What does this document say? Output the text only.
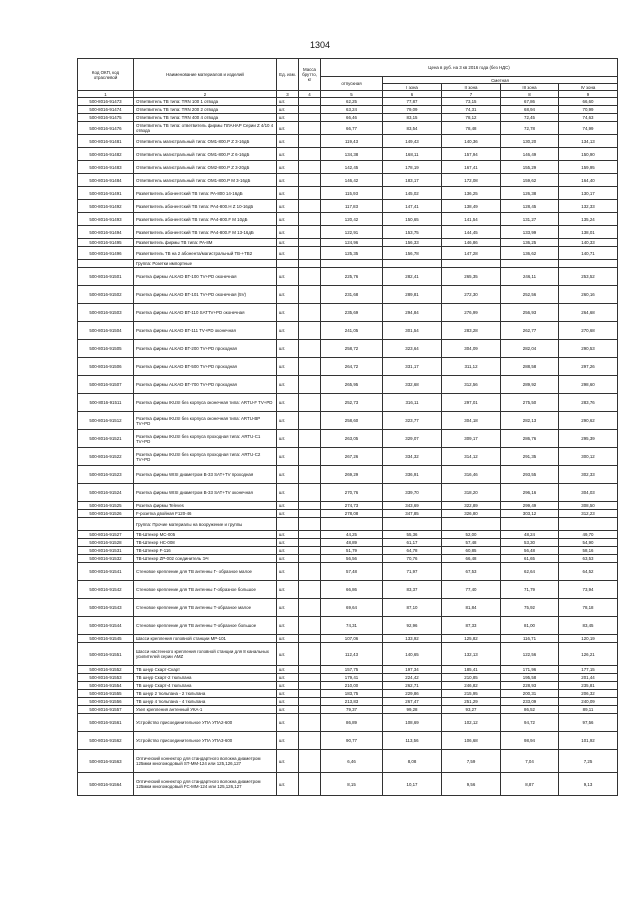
1304
Код ОКП, код отраслевой	Наименование материалов и изделий	Ед. изм.	Масса брутто, кг	Цена в руб. на 3 кв 2016 года (без НДС)				
				отпускная	Сметная			
					I зона	II зона	III зона	IV зона
1	2	3	4	5	6	7	8	9
500-8016-91473	Ответвитель ТВ типа: TRN 100 1 отвода	шт.		62,25	77,87	73,15	67,86	66,60
500-8016-91474	Ответвитель ТВ типа: TRN 200 2 отвода	шт.		63,24	79,09	74,31	68,94	70,99
500-8016-91475	Ответвитель ТВ типа: TRN 400 4 отвода	шт.		66,46	83,15	78,12	72,45	74,63
500-8016-91476	Ответвитель ТВ типа: ответвитель фирмы ПЛАНАР Серии Z 4/10 4 отвода	шт.		66,77	83,54	78,48	72,78	74,99
500-8016-91481	Ответвитель магистральный типа: ОМ1-800.Р Z 3-16дБ	шт.		119,43	149,43	140,36	130,20	134,13
500-8016-91482	Ответвитель магистральный типа: ОМ1-800.Р Z 6-16дБ	шт.		134,38	168,11	157,94	146,49	150,90
500-8016-91483	Ответвитель магистральный типа: ОМ2-800.Р Z 3-20дБ	шт.		142,45	178,19	167,41	155,29	159,95
500-8016-91484	Ответвитель магистральный типа: ОМ1-800.Р М 3-16дБ	шт.		146,42	183,17	172,08	159,62	164,40
500-8016-91491	Разветвитель абонентский ТВ типа: РА-800 14-16дБ	шт.		115,93	145,02	136,25	126,38	130,17
500-8016-91492	Разветвитель абонентский ТВ типа: РА4-800.Н Z 10-16дБ	шт.		117,83	147,41	138,49	128,45	132,33
500-8016-91493	Разветвитель абонентский ТВ типа: РА4-800.F М 10дБ	шт.		120,42	150,65	141,54	131,27	135,24
500-8016-91494	Разветвитель абонентский ТВ типа: РА4-800.F М 13-16дБ	шт.		122,91	153,75	144,45	133,99	138,01
500-8016-91495	Разветвитель фирмы ТВ типа: РА-8М	шт.		124,96	156,33	146,86	136,25	140,33
500-8016-91496	Разветвитель ТВ на 2 абонента/магистральный ТВ-+ТВ2	шт.		125,35	156,78	147,28	136,62	140,71
	Группа: Розетки импортные							
500-8016-91501	Розетка фирмы ALKAD BT-100 TV+PD оконечная	шт.		225,76	282,41	265,35	246,11	253,52
500-8016-91502	Розетка фирмы ALKAD BT-101 TV+PD оконечная (5V)	шт.		231,68	289,81	272,30	252,56	260,16
500-8016-91503	Розетка фирмы ALKAD BT-110 SATTV+PD оконечная	шт.		235,69	294,84	276,99	256,93	264,68
500-8016-91504	Розетка фирмы ALKAD BT-111 TV+PD оконечная	шт.		241,05	301,54	283,28	262,77	270,68
500-8016-91505	Розетка фирмы ALKAD BT-200 TV+PD проходная	шт.		258,72	323,64	304,09	282,04	290,53
500-8016-91506	Розетка фирмы ALKAD BT-500 TV+PD проходная	шт.		264,72	331,17	311,12	288,58	297,26
500-8016-91507	Розетка фирмы ALKAD BT-700 TV+PD проходная	шт.		265,95	332,68	312,56	289,92	298,60
500-8016-91511	Розетка фирмы IKUSI без корпуса оконечная типа: ARTU-F TV+PD	шт.		252,73	316,11	297,01	275,50	283,76
500-8016-91512	Розетка фирмы IKUSI без корпуса оконечная типа: ARTU-BP TV+PD	шт.		258,60	323,77	304,18	282,13	290,62
500-8016-91521	Розетка фирмы IKUSI без корпуса проходная типа: ARTU-C1 TV+PD	шт.		263,05	329,07	309,17	286,76	295,39
500-8016-91522	Розетка фирмы IKUSI без корпуса проходная типа: ARTU-C2 TV+PD	шт.		267,26	334,32	314,12	291,35	300,12
500-8016-91523	Розетка фирмы WISI диаметром В-33 SAT+TV проходная	шт.		269,29	336,91	316,46	293,55	302,33
500-8016-91524	Розетка фирмы WISI диаметром В-33 SAT+TV оконечная	шт.		270,76	339,70	318,20	296,16	304,03
500-8016-91525	Розетка фирмы Televes	шт.		274,73	343,69	322,89	299,49	308,50
500-8016-91526	F-розетка двойная F120-46	шт.		278,08	347,85	326,80	303,12	312,23
	Группа: Прочие материалы на вооружение и группы							
500-8016-91527	ТВ-Штекер МС-005	шт.		44,25	55,36	52,00	48,24	49,70
500-8016-91528	ТВ-Штекер НС-008	шт.		48,89	61,17	57,48	53,30	54,90
500-8016-91531	ТВ-Штекер F-116	шт.		51,79	64,78	60,85	56,48	58,16
500-8016-91532	ТВ-Штекер ZP-002 соединитель ЭЧ	шт.		56,56	70,76	66,48	61,65	63,53
500-8016-91541	Стеновое крепление для ТВ антенны Г- образное малое	шт.		57,48	71,97	67,53	62,64	64,52
500-8016-91542	Стеновое крепление для ТВ антенны Г-образное большое	шт.		66,86	83,37	77,40	71,79	73,94
500-8016-91543	Стеновое крепление для ТВ антенны Т-образное малое	шт.		69,64	87,10	81,84	75,92	78,18
500-8016-91544	Стеновое крепление для ТВ антенны Т-образное большое	шт.		74,31	92,96	87,33	81,00	83,45
500-8016-91545	Шасси крепления головной станции МР-101	шт.		107,06	133,92	125,82	116,71	120,19
500-8016-91551	Шасси настенного крепления головной станции для 8 канальных усилителей серии AMZ	шт.		112,43	140,65	132,13	122,56	126,21
500-8016-91552	ТВ шнур Скарт-Скарт	шт.		157,75	197,34	185,41	171,96	177,15
500-8016-91553	ТВ шнур Скарт-2 тюльпана	шт.		179,41	224,42	210,85	195,58	201,44
500-8016-91554	ТВ шнур Скарт-4 тюльпана	шт.		210,00	262,71	246,82	228,93	235,81
500-8016-91555	ТВ шнур 2 тюльпана - 2 тюльпана	шт.		183,75	229,86	215,95	200,31	206,32
500-8016-91556	ТВ шнур 4 тюльпана - 4 тюльпана	шт.		213,83	267,47	251,29	233,09	240,09
500-8016-91557	Узел крепления антенный УКА-1	шт.		79,37	99,28	93,27	86,52	89,11
500-8016-91561	Устройство присоединительное УПА УПА2-600	шт.		86,89	108,69	102,12	94,72	97,56
500-8016-91562	Устройство присоединительное УПА УПА3-600	шт.		90,77	113,56	106,68	98,94	101,92
500-8016-91563	Оптический коннектор для стандартного волокна диаметром 125мкм многомодовый ST-MM-124 или 125,126,127	шт.		6,46	8,08	7,59	7,04	7,25
500-8016-91564	Оптический коннектор для стандартного волокна диаметром 125мкм многомодовый FC-MM-124 или 125,126,127	шт.		8,15	10,17	9,56	8,87	9,13
